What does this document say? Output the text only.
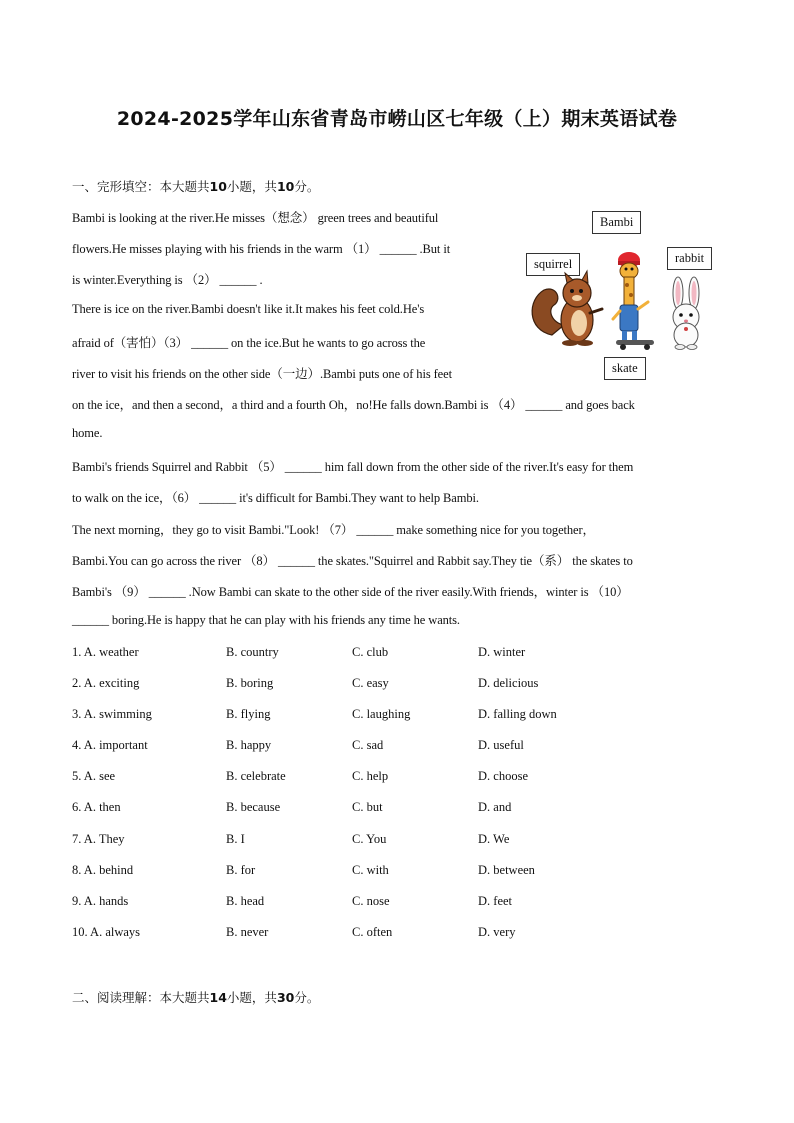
2024-2025学年山东省青岛市崂山区七年级（上）期末英语试卷
一、完形填空：本大题共10小题，共10分。
Bambi is looking at the river.He misses（想念） green trees and beautiful
flowers.He misses playing with his friends in the warm （1） ______ .But it
is winter.Everything is （2） ______ .
There is ice on the river.Bambi doesn't like it.It makes his feet cold.He's
afraid of（害怕）（3） ______ on the ice.But he wants to go across the
river to visit his friends on the other side（一边）.Bambi puts one of his feet
on the ice，and then a second，a third and a fourth Oh，no!He falls down.Bambi is （4） ______ and goes back
home.
Bambi's friends Squirrel and Rabbit （5） ______ him fall down from the other side of the river.It's easy for them
to walk on the ice，（6） ______ it's difficult for Bambi.They want to help Bambi.
The next morning，they go to visit Bambi."Look! （7） ______ make something nice for you together，
Bambi.You can go across the river （8） ______ the skates."Squirrel and Rabbit say.They tie（系） the skates to
Bambi's （9） ______ .Now Bambi can skate to the other side of the river easily.With friends，winter is （10）
______ boring.He is happy that he can play with his friends any time he wants.
Bambi
squirrel	rabbit
skate
1. A. weather	B. country	C. club	D. winter
2. A. exciting	B. boring	C. easy	D. delicious
3. A. swimming	B. flying	C. laughing	D. falling down
4. A. important	B. happy	C. sad	D. useful
5. A. see	B. celebrate	C. help	D. choose
6. A. then	B. because	C. but	D. and
7. A. They	B. I	C. You	D. We
8. A. behind	B. for	C. with	D. between
9. A. hands	B. head	C. nose	D. feet
10. A. always	B. never	C. often	D. very
二、阅读理解：本大题共14小题，共30分。
